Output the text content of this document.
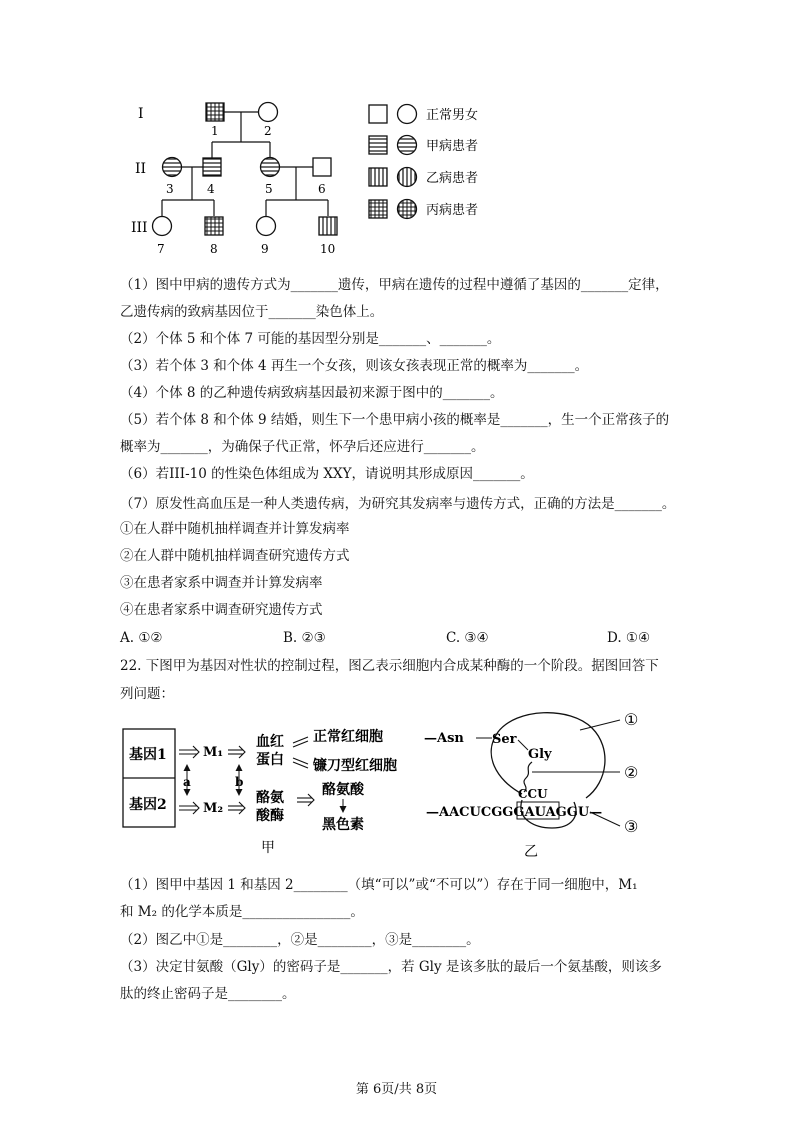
I
II
III
1	2
3	4	5	6
7	8	9	10
正常男女
甲病患者
乙病患者
丙病患者
（1）图中甲病的遗传方式为_______遗传，甲病在遗传的过程中遵循了基因的_______定律，
乙遗传病的致病基因位于_______染色体上。
（2）个体 5 和个体 7 可能的基因型分别是_______、_______。
（3）若个体 3 和个体 4 再生一个女孩，则该女孩表现正常的概率为_______。
（4）个体 8 的乙种遗传病致病基因最初来源于图中的_______。
（5）若个体 8 和个体 9 结婚，则生下一个患甲病小孩的概率是_______，生一个正常孩子的
概率为_______，为确保子代正常，怀孕后还应进行_______。
（6）若III-10 的性染色体组成为 XXY，请说明其形成原因_______。
（7）原发性高血压是一种人类遗传病，为研究其发病率与遗传方式，正确的方法是_______。
①在人群中随机抽样调查并计算发病率
②在人群中随机抽样调查研究遗传方式
③在患者家系中调查并计算发病率
④在患者家系中调查研究遗传方式
A. ①②	B. ②③	C. ③④	D. ①④
22. 下图甲为基因对性状的控制过程，图乙表示细胞内合成某种酶的一个阶段。据图回答下
列问题：
基因1
基因2
a	b
M₁
M₂
血红
蛋白
酪氨
酸酶
正常红细胞
镰刀型红细胞
酪氨酸
黑色素
甲
—Asn Ser
Gly
CCU
—AACUCGGGAUAGGU—
①
②
③
乙
（1）图甲中基因 1 和基因 2________（填“可以”或“不可以”）存在于同一细胞中，M₁
和 M₂ 的化学本质是________________。
（2）图乙中①是________，②是________，③是________。
（3）决定甘氨酸（Gly）的密码子是_______，若 Gly 是该多肽的最后一个氨基酸，则该多
肽的终止密码子是________。
第 6页/共 8页
